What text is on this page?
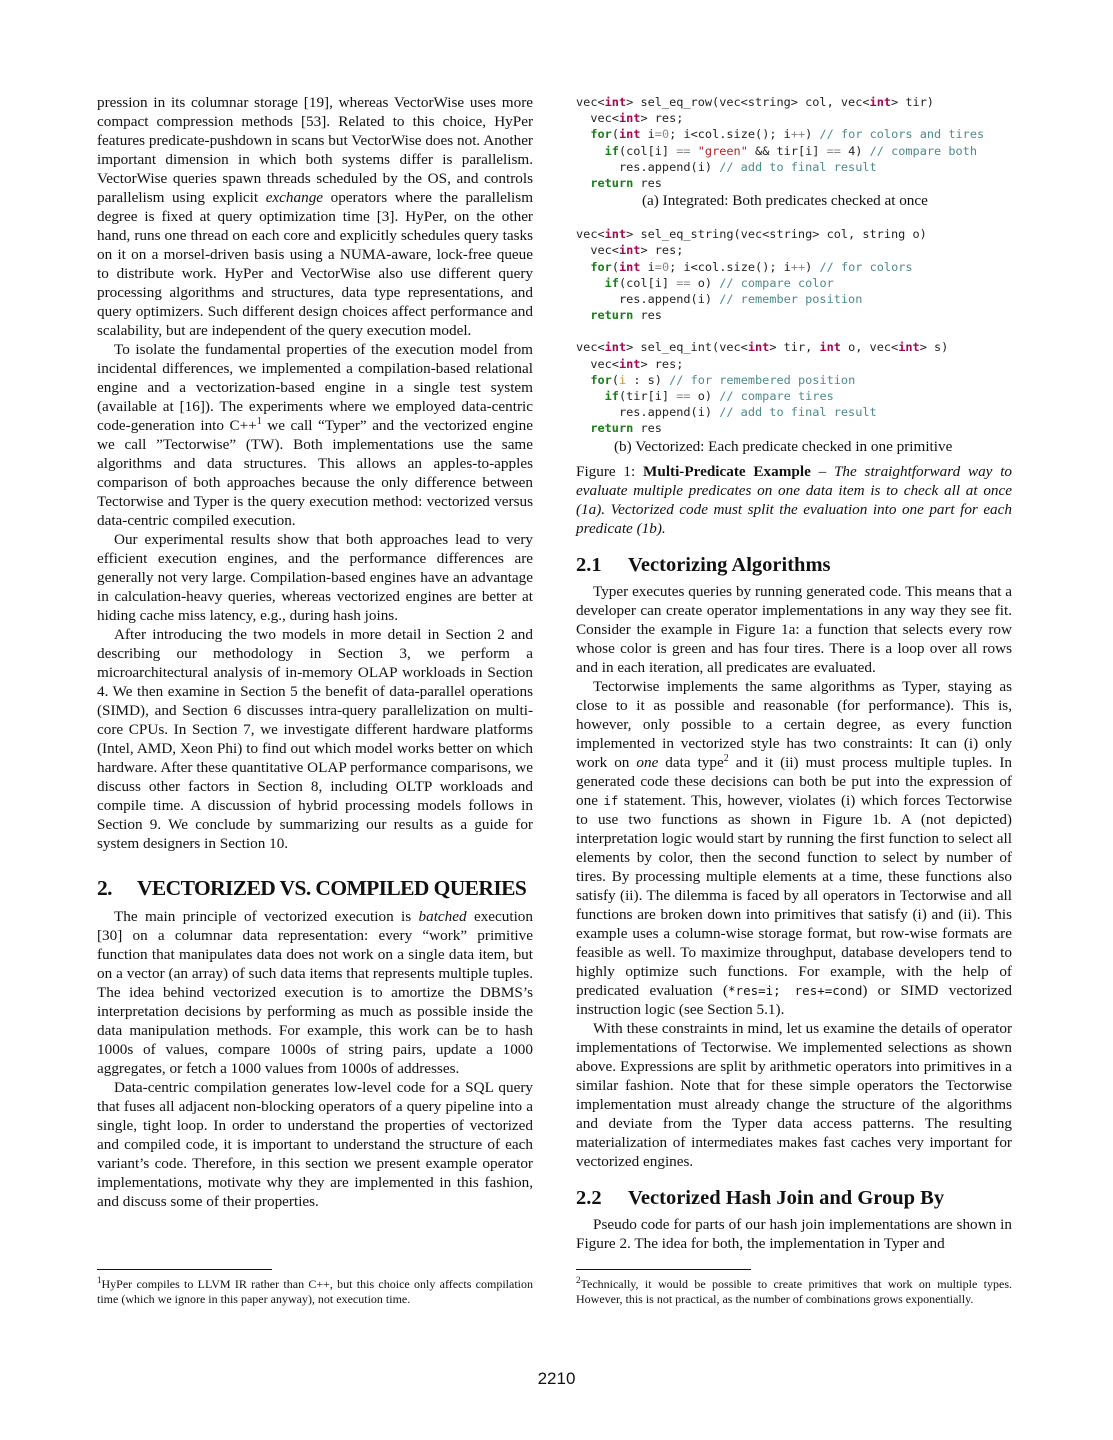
pression in its columnar storage [19], whereas VectorWise uses more compact compression methods [53]. Related to this choice, HyPer features predicate-pushdown in scans but VectorWise does not. Another important dimension in which both systems differ is parallelism. VectorWise queries spawn threads scheduled by the OS, and controls parallelism using explicit exchange operators where the parallelism degree is fixed at query optimization time [3]. HyPer, on the other hand, runs one thread on each core and explicitly schedules query tasks on it on a morsel-driven basis using a NUMA-aware, lock-free queue to distribute work. HyPer and VectorWise also use different query processing algorithms and structures, data type representations, and query optimizers. Such different design choices affect performance and scalability, but are independent of the query execution model.

To isolate the fundamental properties of the execution model from incidental differences, we implemented a compilation-based relational engine and a vectorization-based engine in a single test system (available at [16]). The experiments where we employed data-centric code-generation into C++$^1$ we call “Typer” and the vectorized engine we call ”Tectorwise” (TW). Both implementations use the same algorithms and data structures. This allows an apples-to-apples comparison of both approaches because the only difference between Tectorwise and Typer is the query execution method: vectorized versus data-centric compiled execution.

Our experimental results show that both approaches lead to very efficient execution engines, and the performance differences are generally not very large. Compilation-based engines have an advantage in calculation-heavy queries, whereas vectorized engines are better at hiding cache miss latency, e.g., during hash joins.

After introducing the two models in more detail in Section 2 and describing our methodology in Section 3, we perform a microarchitectural analysis of in-memory OLAP workloads in Section 4. We then examine in Section 5 the benefit of data-parallel operations (SIMD), and Section 6 discusses intra-query parallelization on multi-core CPUs. In Section 7, we investigate different hardware platforms (Intel, AMD, Xeon Phi) to find out which model works better on which hardware. After these quantitative OLAP performance comparisons, we discuss other factors in Section 8, including OLTP workloads and compile time. A discussion of hybrid processing models follows in Section 9. We conclude by summarizing our results as a guide for system designers in Section 10.

2. VECTORIZED VS. COMPILED QUERIES

The main principle of vectorized execution is batched execution [30] on a columnar data representation: every “work” primitive function that manipulates data does not work on a single data item, but on a vector (an array) of such data items that represents multiple tuples. The idea behind vectorized execution is to amortize the DBMS’s interpretation decisions by performing as much as possible inside the data manipulation methods. For example, this work can be to hash 1000s of values, compare 1000s of string pairs, update a 1000 aggregates, or fetch a 1000 values from 1000s of addresses.

Data-centric compilation generates low-level code for a SQL query that fuses all adjacent non-blocking operators of a query pipeline into a single, tight loop. In order to understand the properties of vectorized and compiled code, it is important to understand the structure of each variant’s code. Therefore, in this section we present example operator implementations, motivate why they are implemented in this fashion, and discuss some of their properties.

$^1$HyPer compiles to LLVM IR rather than C++, but this choice only affects compilation time (which we ignore in this paper anyway), not execution time.
vec<int> sel_eq_row(vec<string> col, vec<int> tir)
vec<int> res;
for(int i=0; i<col.size(); i++) // for colors and tires
if(col[i] == "green" && tir[i] == 4) // compare both
res.append(i) // add to final result
return res
(a) Integrated: Both predicates checked at once
vec<int> sel_eq_string(vec<string> col, string o)
vec<int> res;
for(int i=0; i<col.size(); i++) // for colors
if(col[i] == o) // compare color
res.append(i) // remember position
return res
vec<int> sel_eq_int(vec<int> tir, int o, vec<int> s)
vec<int> res;
for(i : s) // for remembered position
if(tir[i] == o) // compare tires
res.append(i) // add to final result
return res
(b) Vectorized: Each predicate checked in one primitive

Figure 1: Multi-Predicate Example – The straightforward way to evaluate multiple predicates on one data item is to check all at once (1a). Vectorized code must split the evaluation into one part for each predicate (1b).

2.1 Vectorizing Algorithms

Typer executes queries by running generated code. This means that a developer can create operator implementations in any way they see fit. Consider the example in Figure 1a: a function that selects every row whose color is green and has four tires. There is a loop over all rows and in each iteration, all predicates are evaluated.

Tectorwise implements the same algorithms as Typer, staying as close to it as possible and reasonable (for performance). This is, however, only possible to a certain degree, as every function implemented in vectorized style has two constraints: It can (i) only work on one data type$^2$ and it (ii) must process multiple tuples. In generated code these decisions can both be put into the expression of one if statement. This, however, violates (i) which forces Tectorwise to use two functions as shown in Figure 1b. A (not depicted) interpretation logic would start by running the first function to select all elements by color, then the second function to select by number of tires. By processing multiple elements at a time, these functions also satisfy (ii). The dilemma is faced by all operators in Tectorwise and all functions are broken down into primitives that satisfy (i) and (ii). This example uses a column-wise storage format, but row-wise formats are feasible as well. To maximize throughput, database developers tend to highly optimize such functions. For example, with the help of predicated evaluation (*res=i; res+=cond) or SIMD vectorized instruction logic (see Section 5.1).

With these constraints in mind, let us examine the details of operator implementations of Tectorwise. We implemented selections as shown above. Expressions are split by arithmetic operators into primitives in a similar fashion. Note that for these simple operators the Tectorwise implementation must already change the structure of the algorithms and deviate from the Typer data access patterns. The resulting materialization of intermediates makes fast caches very important for vectorized engines.

2.2 Vectorized Hash Join and Group By

Pseudo code for parts of our hash join implementations are shown in Figure 2. The idea for both, the implementation in Typer and

$^2$Technically, it would be possible to create primitives that work on multiple types. However, this is not practical, as the number of combinations grows exponentially.
2210
